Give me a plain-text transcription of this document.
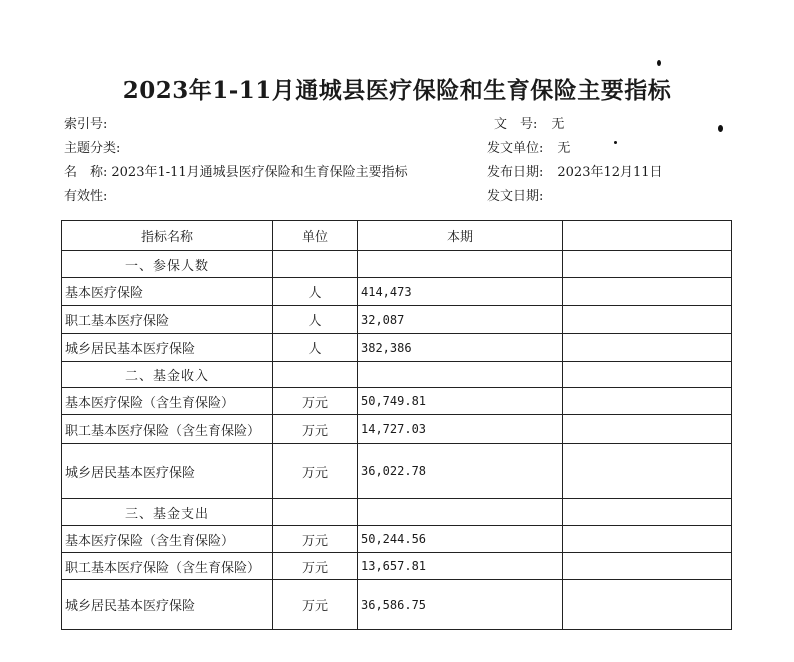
2023年1-11月通城县医疗保险和生育保险主要指标
索引号:
主题分类:
名　称: 2023年1-11月通城县医疗保险和生育保险主要指标
有效性:
文　号: 无
发文单位: 无
发布日期: 2023年12月11日
发文日期:
指标名称	单位	本期	
一、参保人数			
基本医疗保险	人	414,473	
职工基本医疗保险	人	32,087	
城乡居民基本医疗保险	人	382,386	
二、基金收入			
基本医疗保险（含生育保险）	万元	50,749.81	
职工基本医疗保险（含生育保险）	万元	14,727.03	
城乡居民基本医疗保险	万元	36,022.78	
三、基金支出			
基本医疗保险（含生育保险）	万元	50,244.56	
职工基本医疗保险（含生育保险）	万元	13,657.81	
城乡居民基本医疗保险	万元	36,586.75	
